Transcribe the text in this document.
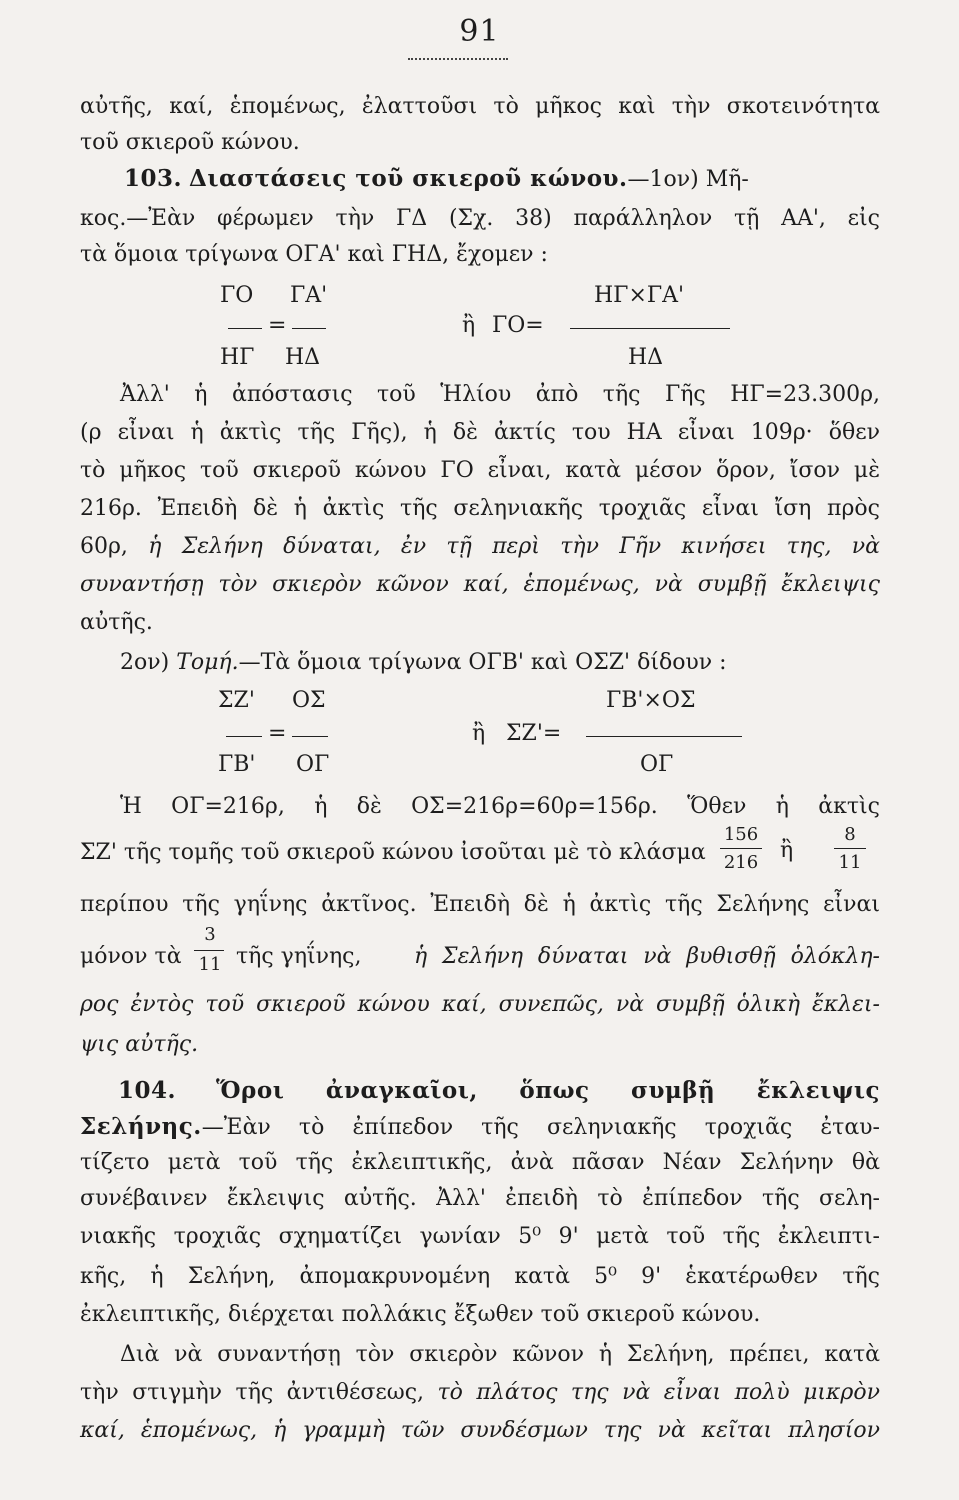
91
αὐτῆς, καί, ἑπομένως, ἐλαττοῦσι τὸ μῆκος καὶ τὴν σκοτεινότητα
τοῦ σκιεροῦ κώνου.
103. Διαστάσεις τοῦ σκιεροῦ κώνου.—1ον) Μῆ-
κος.—Ἐὰν φέρωμεν τὴν ΓΔ (Σχ. 38) παράλληλον τῇ ΑΑ', εἰς
τὰ ὅμοια τρίγωνα ΟΓΑ' καὶ ΓΗΔ, ἔχομεν :
ΓΟ ΓΑ'
=
ΗΓ ΗΔ
ἢ ΓΟ=
ΗΓ×ΓΑ'
ΗΔ
Ἀλλ' ἡ ἀπόστασις τοῦ Ἡλίου ἀπὸ τῆς Γῆς ΗΓ=23.300ρ,
(ρ εἶναι ἡ ἀκτὶς τῆς Γῆς), ἡ δὲ ἀκτίς του ΗΑ εἶναι 109ρ· ὅθεν
τὸ μῆκος τοῦ σκιεροῦ κώνου ΓΟ εἶναι, κατὰ μέσον ὅρον, ἴσον μὲ
216ρ. Ἐπειδὴ δὲ ἡ ἀκτὶς τῆς σεληνιακῆς τροχιᾶς εἶναι ἴση πρὸς
60ρ, ἡ Σελήνη δύναται, ἐν τῇ περὶ τὴν Γῆν κινήσει της, νὰ
συναντήσῃ τὸν σκιερὸν κῶνον καί, ἑπομένως, νὰ συμβῇ ἔκλειψις
αὐτῆς.
2ον) Τομή.—Τὰ ὅμοια τρίγωνα ΟΓΒ' καὶ ΟΣΖ' δίδουν :
ΣΖ' ΟΣ
=
ΓΒ' ΟΓ
ἢ ΣΖ'=
ΓΒ'×ΟΣ
ΟΓ
Ἡ ΟΓ=216ρ, ἡ δὲ ΟΣ=216ρ=60ρ=156ρ. Ὅθεν ἡ ἀκτὶς
ΣΖ' τῆς τομῆς τοῦ σκιεροῦ κώνου ἰσοῦται μὲ τὸ κλάσμα
156
216 ἢ
8
11
περίπου τῆς γηΐνης ἀκτῖνος. Ἐπειδὴ δὲ ἡ ἀκτὶς τῆς Σελήνης εἶναι
μόνον τὰ
3
11 τῆς γηΐνης, ἡ Σελήνη δύναται νὰ βυθισθῇ ὁλόκλη-
ρος ἐντὸς τοῦ σκιεροῦ κώνου καί, συνεπῶς, νὰ συμβῇ ὁλικὴ ἔκλει-
ψις αὐτῆς.
104. Ὅροι ἀναγκαῖοι, ὅπως συμβῇ ἔκλειψις
Σελήνης.—Ἐὰν τὸ ἐπίπεδον τῆς σεληνιακῆς τροχιᾶς ἐταυ-
τίζετο μετὰ τοῦ τῆς ἐκλειπτικῆς, ἀνὰ πᾶσαν Νέαν Σελήνην θὰ
συνέβαινεν ἔκλειψις αὐτῆς. Ἀλλ' ἐπειδὴ τὸ ἐπίπεδον τῆς σελη-
νιακῆς τροχιᾶς σχηματίζει γωνίαν 5⁰ 9' μετὰ τοῦ τῆς ἐκλειπτι-
κῆς, ἡ Σελήνη, ἀπομακρυνομένη κατὰ 5⁰ 9' ἑκατέρωθεν τῆς
ἐκλειπτικῆς, διέρχεται πολλάκις ἔξωθεν τοῦ σκιεροῦ κώνου.
Διὰ νὰ συναντήσῃ τὸν σκιερὸν κῶνον ἡ Σελήνη, πρέπει, κατὰ
τὴν στιγμὴν τῆς ἀντιθέσεως, τὸ πλάτος της νὰ εἶναι πολὺ μικρὸν
καί, ἑπομένως, ἡ γραμμὴ τῶν συνδέσμων της νὰ κεῖται πλησίον
